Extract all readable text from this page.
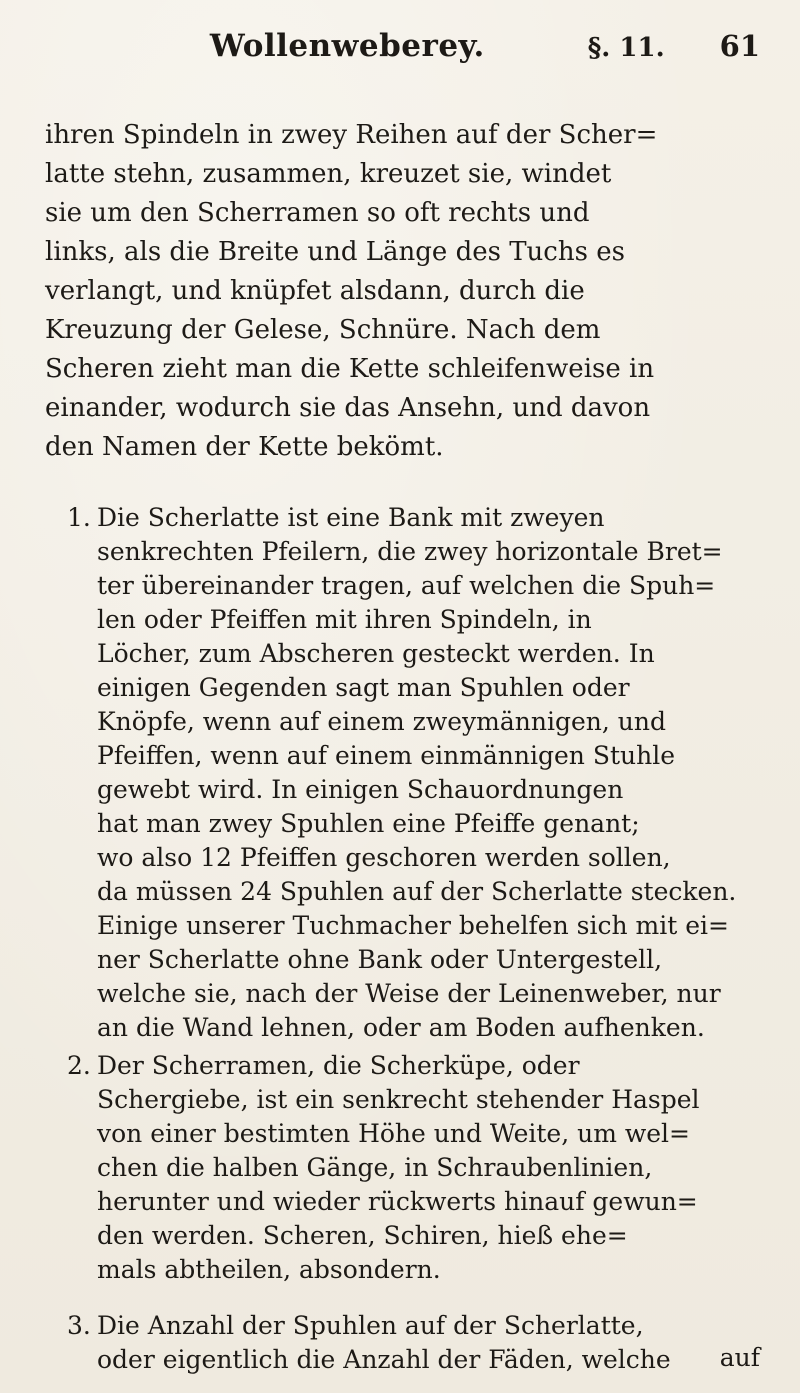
Wollenweberey.	§. 11. 61
ihren Spindeln in zwey Reihen auf der Scher=
latte stehn, zusammen, kreuzet sie, windet
sie um den Scherramen so oft rechts und
links, als die Breite und Länge des Tuchs es
verlangt, und knüpfet alsdann, durch die
Kreuzung der Gelese, Schnüre. Nach dem
Scheren zieht man die Kette schleifenweise in
einander, wodurch sie das Ansehn, und davon
den Namen der Kette bekömt.
1. Die Scherlatte ist eine Bank mit zweyen
senkrechten Pfeilern, die zwey horizontale Bret=
ter übereinander tragen, auf welchen die Spuh=
len oder Pfeiffen mit ihren Spindeln, in
Löcher, zum Abscheren gesteckt werden. In
einigen Gegenden sagt man Spuhlen oder
Knöpfe, wenn auf einem zweymännigen, und
Pfeiffen, wenn auf einem einmännigen Stuhle
gewebt wird. In einigen Schauordnungen
hat man zwey Spuhlen eine Pfeiffe genant;
wo also 12 Pfeiffen geschoren werden sollen,
da müssen 24 Spuhlen auf der Scherlatte stecken.
Einige unserer Tuchmacher behelfen sich mit ei=
ner Scherlatte ohne Bank oder Untergestell,
welche sie, nach der Weise der Leinenweber, nur
an die Wand lehnen, oder am Boden aufhenken.
2. Der Scherramen, die Scherküpe, oder
Schergiebe, ist ein senkrecht stehender Haspel
von einer bestimten Höhe und Weite, um wel=
chen die halben Gänge, in Schraubenlinien,
herunter und wieder rückwerts hinauf gewun=
den werden. Scheren, Schiren, hieß ehe=
mals abtheilen, absondern.
3. Die Anzahl der Spuhlen auf der Scherlatte,
oder eigentlich die Anzahl der Fäden, welche	auf
